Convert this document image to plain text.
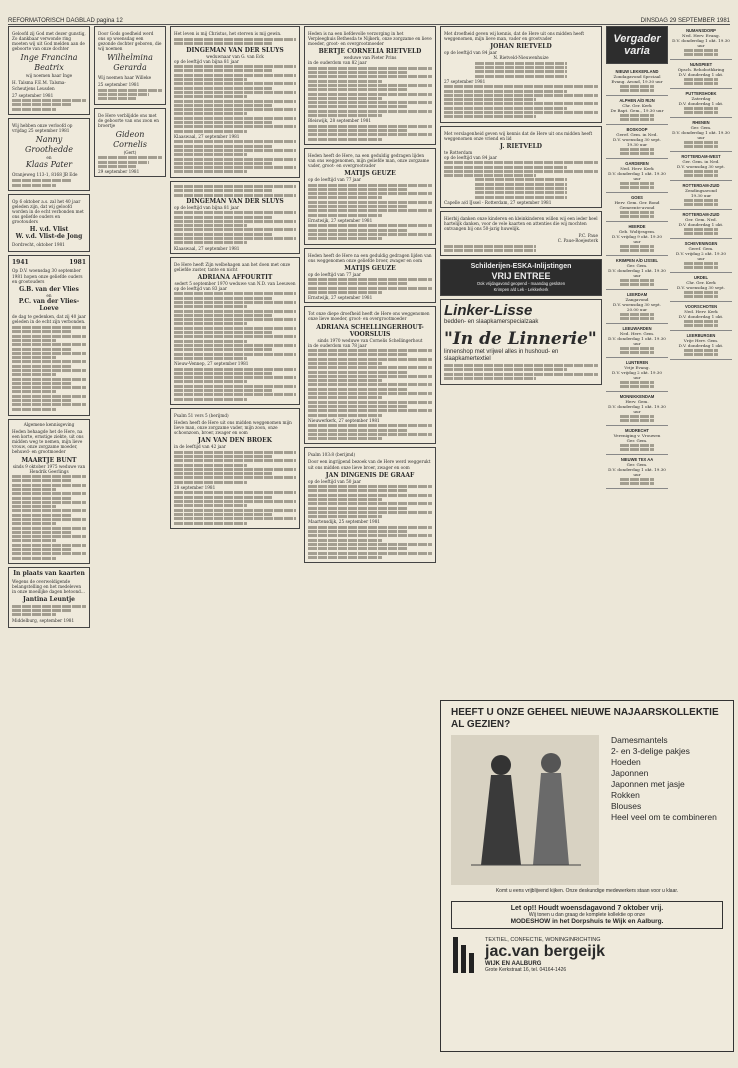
REFORMATORISCH DAGBLAD pagina 12	DINSDAG 29 SEPTEMBER 1981
Geloofd zij God met dezer gunstig, Zo dankbaar verwonde ring moeten wij uit God melden aan de geboorte van onze dochter
Inge Francina Beatrix
wij noemen haar Inge
H. Talsma F.E.M. Talsma-Scheutjens Leusden
27 september 1981
Wij hebben onze verloofd op vrijdag 25 september 1981
Nanny Groothedde
en
Klaas Pater
Oranjeweg 113-1, 8168 JB Ede
Op 6 oktober a.s. zal het 40 jaar geleden zijn, dat wij geloofd worden in de echt verbonden met ons geliefde ouders en grootouders
H. v.d. Vlist
W. v.d. Vlist-de Jong
Dordrecht, oktober 1981
1941	1981
Op D.V. woensdag 30 september 1981 hopen onze geliefde ouders en grootouders
G.B. van der Vlies
en
P.C. van der Vlies-Loeve
de dag te gedenken, dat zij 40 jaar geleden in de echt zijn verbonden.
Algemene kennisgeving
Heden behaagde het de Here, na een korte, ernstige ziekte, uit ons midden weg te nemen, mijn lieve vrouw, onze zorgzame moeder, behuwd- en grootmoeder
MAARTJE BUNT
sinds 9 oktober 1975 weduwe van Hendrik Geerlings
In plaats van kaarten
Wegens de overweldigende belangstelling en het medeleven in onze moeilijke dagen betoond...
Jantina Leuntje
Middelburg, september 1981
Door Gods goedheid werd ons op woensdag een gezonde dochter geboren, die wij noemen
Wilhelmina Gerarda
Wij noemen haar Willeke
25 september 1981
De Here verblijdde ons met de geboorte van ons zoon en broertje
Gideon Cornelis
(Gert)
29 september 1981
Het leven is mij Christus, het sterven is mij gewin.
DINGEMAN VAN DER SLUYS
weduwnaar van G. van Eck
op de leeftijd van bijna 81 jaar
Klaaswaal, 27 september 1981
DINGEMAN VAN DER SLUYS
op de leeftijd van bijna 81 jaar
Klaaswaal, 27 september 1981
De Here heeft Zijn welbehagen aan het doen met onze geliefde zuster, tante en nicht
ADRIANA AFFOURTIT
sedert 5 september 1970 weduwe van N.D. van Leeuwen
op de leeftijd van 83 jaar
Nieuw-Vennep, 27 september 1981
Psalm 51 vers 5 (berijmd)
Heden heeft de Here uit ons midden weggenomen mijn lieve man, onze zorgzame vader, mijn zoon, onze schoonzoon, broer, zwager en oom
JAN VAN DEN BROEK
in de leeftijd van 42 jaar
28 september 1981
Heden is na een liefdevolle verzorging in het Verpleeghuis Bethesda te Nijkerk, onze zorgzame en lieve moeder, groot- en overgrootmoeder
BERTJE CORNELIA RIETVELD
weduwe van Pieter Prins
in de ouderdom van 82 jaar
Bleiswijk, 28 september 1981
Heden heeft de Here, na een geduldig gedragen lijden van ons weggenomen, mijn geliefde man, onze zorgzame vader, groot- en overgrootvader
MATIJS GEUZE
op de leeftijd van 77 jaar
Ernstwijk, 27 september 1981
Heden heeft de Here na een geduldig gedragen lijden van ons weggenomen onze geliefde broer, zwager en oom
MATIJS GEUZE
op de leeftijd van 77 jaar
Ernstwijk, 27 september 1981
Tot onze diepe droefheid heeft de Here ons weggenomen onze lieve moeder, groot- en overgrootmoeder
ADRIANA SCHELLINGERHOUT-VOORSLUIS
sinds 1970 weduwe van Cornelis Schellingerhout
in de ouderdom van 78 jaar
Nieuwerkerk, 27 september 1981
Psalm 103:8 (berijmd)
Door een ingrijpend bezoek van de Here werd weggerukt uit ons midden onze lieve broer, zwager en oom
JAN DINGENIS DE GRAAF
op de leeftijd van 50 jaar
Maartensdijk, 25 september 1981
Met droefheid geven wij kennis, dat de Here uit ons midden heeft weggenomen, mijn lieve man, vader en grootvader
JOHAN RIETVELD
op de leeftijd van 84 jaar
N. Rietveld-Nieuwenhuize
27 september 1981
Met verslagenheid geven wij kennis dat de Here uit ons midden heeft weggenomen onze vriend en lid
J. RIETVELD
te Rotterdam
op de leeftijd van 84 jaar
Capelle a/d IJssel - Rotterdam, 27 september 1981
Hierbij danken onze kinderen en kleinkinderen willen wij een ieder heel hartelijk danken, voor de vele kaarten en attenties die wij mochten ontvangen bij ons 50-jarig huwelijk.
P.C. Paue
C. Paue-Roejesterk
Schilderijen-ESKA-Inlijstingen
VRIJ ENTREE
Ook vrijdagavond geopend - maandag gesloten
Krimpen a/d Lek - Lekkerkerk
Linker-Lisse
bedden- en slaapkamerspecialzaak
"In de Linnerie"
linnenshop met vrijwel alles in hushoud- en slaapkamertextiel
Vergader varia
NIEUW LEKKERLAND
Zondagavond Speciaal
Evang. Avond, 19.30 uur
ALPHEN A/D RIJN
Chr. Ger. Kerk
De Bapt. Gem., 19.30 uur
BOSKOOP
Geref. Gem. in Ned.
D.V. woensdag 30 sept. 19.30 uur
GARDEREN
Ned. Herv. Kerk
D.V. donderdag 1 okt. 19.30 uur
GOES
Herv. Gem. Ger. Bond
Gemeente-avond
HEERDE
Geb. Woltjesgem.
D.V. vrijdag 9 okt. 19.30 uur
KRIMPEN A/D IJSSEL
Ger. Gem.
D.V. donderdag 1 okt. 19.30 uur
LEERDAM
Zangavond
D.V. woensdag 30 sept. 20.00 uur
LEEUWARDEN
Ned. Herv. Gem.
D.V. donderdag 1 okt. 19.30 uur
LUNTEREN
Vrije Evang.
D.V. vrijdag 2 okt. 19.30 uur
MONNIKKENDAM
Herv. Gem.
D.V. donderdag 1 okt. 19.30 uur
MIJDRECHT
Vereniging v. Vrouwen
Ger. Gem.
NIEUWE TEX AA
Ger. Gem.
D.V. donderdag 1 okt. 19.30 uur
NUMANSDORP
Ned. Herv. Evang.
D.V. donderdag 1 okt. 19.30 uur
NUNSPEET
Opsch. Rehobothkring
D.V. donderdag 1 okt.
PUTTERSHOEK
Zaterdag
D.V. donderdag 1 okt.
RHENEN
Ger. Gem.
D.V. donderdag 1 okt. 19.30 uur
ROTTERDAM-WEST
Ger. Gem. in Ned.
D.V. woensdag 30 sept.
ROTTERDAM-ZUID
Zendingsavond
19.30 uur
ROTTERDAM-ZUID
Ger. Gem. Ned.
D.V. donderdag 1 okt.
SCHEVENINGEN
Geref. Gem.
D.V. vrijdag 2 okt. 19.30 uur
URDEL
Chr. Ger. Kerk
D.V. woensdag 30 sept.
VOORSCHOTEN
Ned. Herv. Kerk
D.V. donderdag 1 okt.
LEERBURGEN
Vrije Herv. Gem.
D.V. donderdag 1 okt.
HEEFT U ONZE GEHEEL NIEUWE NAJAARSKOLLEKTIE AL GEZIEN?
Damesmantels
2- en 3-delige pakjes
Hoeden
Japonnen
Japonnen met jasje
Rokken
Blouses
Heel veel om te combineren
Komt u eens vrijblijvend kijken. Onze deskundige medewerkers staan voor u klaar.
Let op!! Houdt woensdagavond 7 oktober vrij.
Wij tonen u dan graag de komplete kollektie op onze
MODESHOW in het Dorpshuis te Wijk en Aalburg.
TEXTIEL, CONFECTIE, WONINGINRICHTING
jac.van bergeijk
WIJK EN AALBURG
Grote Kerkstraat 16, tel. 04164-1426
